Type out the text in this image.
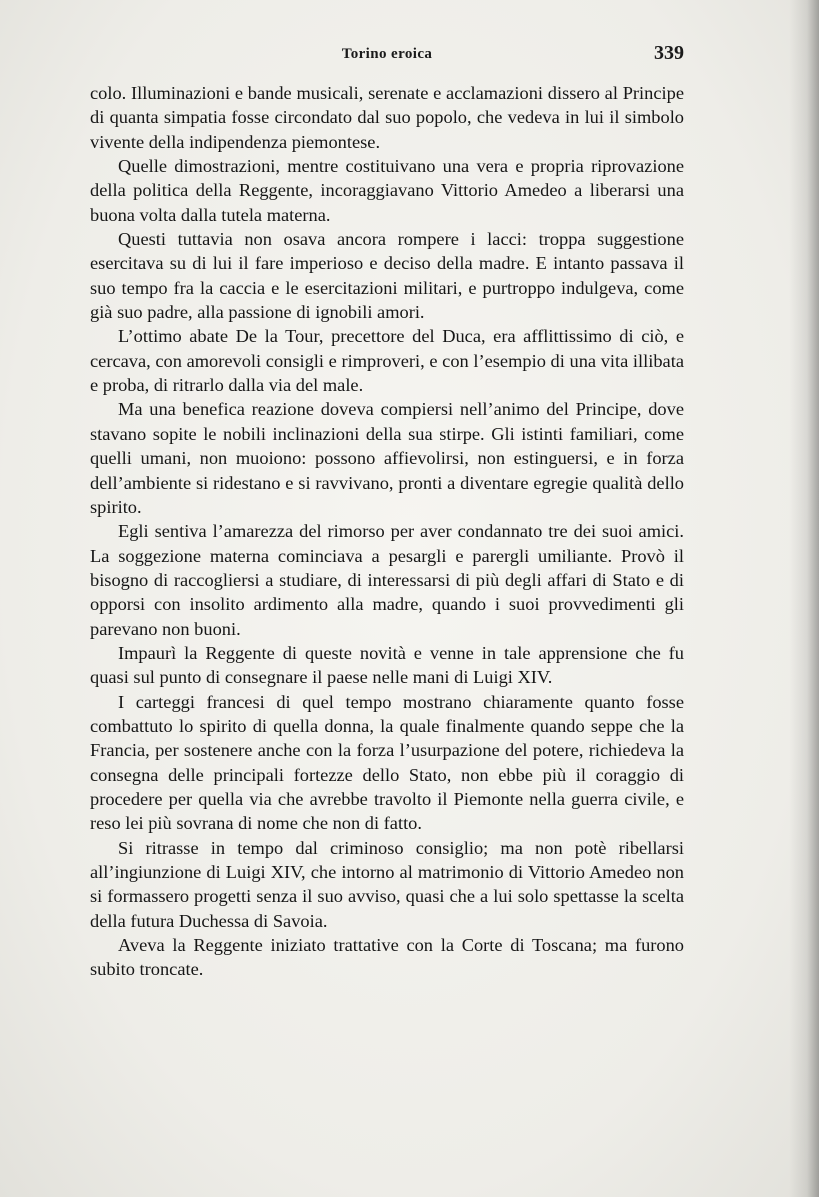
Torino eroica	339

colo. Illuminazioni e bande musicali, serenate e acclamazioni dissero al Principe di quanta simpatia fosse circondato dal suo popolo, che vedeva in lui il simbolo vivente della indipendenza piemontese.

Quelle dimostrazioni, mentre costituivano una vera e propria riprovazione della politica della Reggente, incoraggiavano Vittorio Amedeo a liberarsi una buona volta dalla tutela materna.

Questi tuttavia non osava ancora rompere i lacci: troppa suggestione esercitava su di lui il fare imperioso e deciso della madre. E intanto passava il suo tempo fra la caccia e le esercitazioni militari, e purtroppo indulgeva, come già suo padre, alla passione di ignobili amori.

L’ottimo abate De la Tour, precettore del Duca, era afflittissimo di ciò, e cercava, con amorevoli consigli e rimproveri, e con l’esempio di una vita illibata e proba, di ritrarlo dalla via del male.

Ma una benefica reazione doveva compiersi nell’animo del Principe, dove stavano sopite le nobili inclinazioni della sua stirpe. Gli istinti familiari, come quelli umani, non muoiono: possono affievolirsi, non estinguersi, e in forza dell’ambiente si ridestano e si ravvivano, pronti a diventare egregie qualità dello spirito.

Egli sentiva l’amarezza del rimorso per aver condannato tre dei suoi amici. La soggezione materna cominciava a pesargli e parergli umiliante. Provò il bisogno di raccogliersi a studiare, di interessarsi di più degli affari di Stato e di opporsi con insolito ardimento alla madre, quando i suoi provvedimenti gli parevano non buoni.

Impaurì la Reggente di queste novità e venne in tale apprensione che fu quasi sul punto di consegnare il paese nelle mani di Luigi XIV.

I carteggi francesi di quel tempo mostrano chiaramente quanto fosse combattuto lo spirito di quella donna, la quale finalmente quando seppe che la Francia, per sostenere anche con la forza l’usurpazione del potere, richiedeva la consegna delle principali fortezze dello Stato, non ebbe più il coraggio di procedere per quella via che avrebbe travolto il Piemonte nella guerra civile, e reso lei più sovrana di nome che non di fatto.

Si ritrasse in tempo dal criminoso consiglio; ma non potè ribellarsi all’ingiunzione di Luigi XIV, che intorno al matrimonio di Vittorio Amedeo non si formassero progetti senza il suo avviso, quasi che a lui solo spettasse la scelta della futura Duchessa di Savoia.

Aveva la Reggente iniziato trattative con la Corte di Toscana; ma furono subito troncate.
